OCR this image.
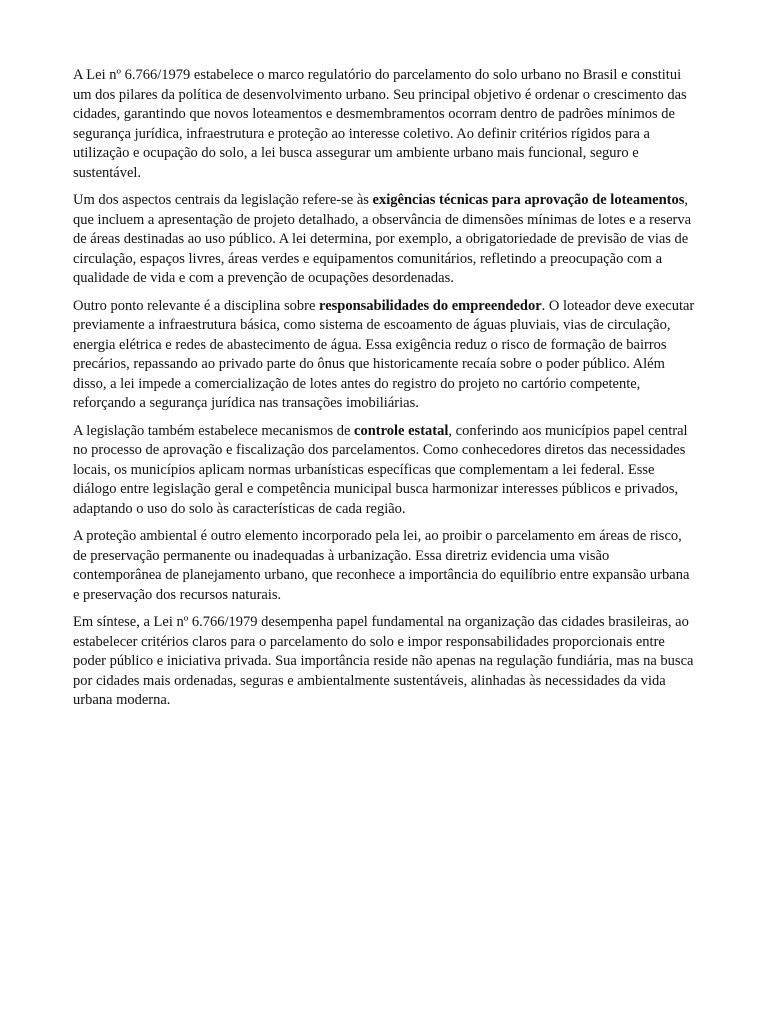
A Lei nº 6.766/1979 estabelece o marco regulatório do parcelamento do solo urbano no Brasil e constitui um dos pilares da política de desenvolvimento urbano. Seu principal objetivo é ordenar o crescimento das cidades, garantindo que novos loteamentos e desmembramentos ocorram dentro de padrões mínimos de segurança jurídica, infraestrutura e proteção ao interesse coletivo. Ao definir critérios rígidos para a utilização e ocupação do solo, a lei busca assegurar um ambiente urbano mais funcional, seguro e sustentável.

Um dos aspectos centrais da legislação refere-se às exigências técnicas para aprovação de loteamentos, que incluem a apresentação de projeto detalhado, a observância de dimensões mínimas de lotes e a reserva de áreas destinadas ao uso público. A lei determina, por exemplo, a obrigatoriedade de previsão de vias de circulação, espaços livres, áreas verdes e equipamentos comunitários, refletindo a preocupação com a qualidade de vida e com a prevenção de ocupações desordenadas.

Outro ponto relevante é a disciplina sobre responsabilidades do empreendedor. O loteador deve executar previamente a infraestrutura básica, como sistema de escoamento de águas pluviais, vias de circulação, energia elétrica e redes de abastecimento de água. Essa exigência reduz o risco de formação de bairros precários, repassando ao privado parte do ônus que historicamente recaía sobre o poder público. Além disso, a lei impede a comercialização de lotes antes do registro do projeto no cartório competente, reforçando a segurança jurídica nas transações imobiliárias.

A legislação também estabelece mecanismos de controle estatal, conferindo aos municípios papel central no processo de aprovação e fiscalização dos parcelamentos. Como conhecedores diretos das necessidades locais, os municípios aplicam normas urbanísticas específicas que complementam a lei federal. Esse diálogo entre legislação geral e competência municipal busca harmonizar interesses públicos e privados, adaptando o uso do solo às características de cada região.

A proteção ambiental é outro elemento incorporado pela lei, ao proibir o parcelamento em áreas de risco, de preservação permanente ou inadequadas à urbanização. Essa diretriz evidencia uma visão contemporânea de planejamento urbano, que reconhece a importância do equilíbrio entre expansão urbana e preservação dos recursos naturais.

Em síntese, a Lei nº 6.766/1979 desempenha papel fundamental na organização das cidades brasileiras, ao estabelecer critérios claros para o parcelamento do solo e impor responsabilidades proporcionais entre poder público e iniciativa privada. Sua importância reside não apenas na regulação fundiária, mas na busca por cidades mais ordenadas, seguras e ambientalmente sustentáveis, alinhadas às necessidades da vida urbana moderna.
